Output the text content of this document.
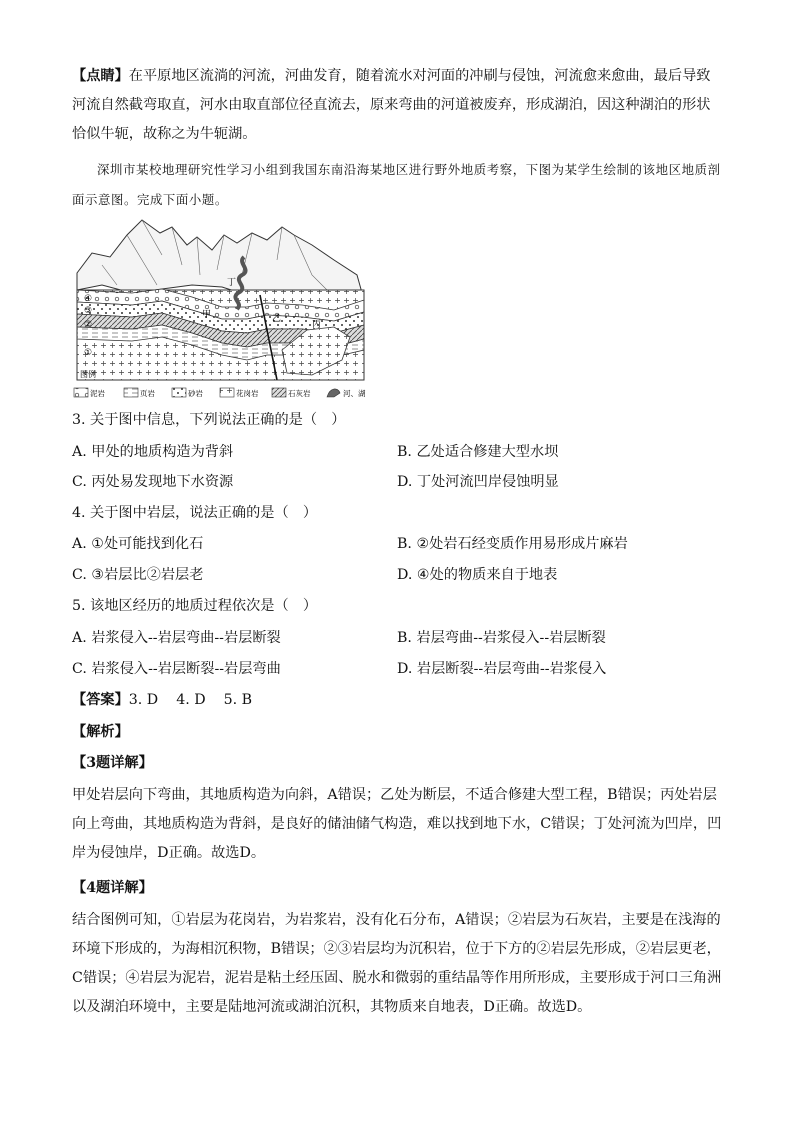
【点睛】在平原地区流淌的河流，河曲发育，随着流水对河面的冲刷与侵蚀，河流愈来愈曲，最后导致河流自然截弯取直，河水由取直部位径直流去，原来弯曲的河道被废弃，形成湖泊，因这种湖泊的形状恰似牛轭，故称之为牛轭湖。

深圳市某校地理研究性学习小组到我国东南沿海某地区进行野外地质考察，下图为某学生绘制的该地区地质剖面示意图。完成下面小题。

丁
甲	乙
丙
④
③
②
①
图例
泥岩	页岩	砂岩	花岗岩	石灰岩	河、湖
3. 关于图中信息，下列说法正确的是（　）
A. 甲处的地质构造为背斜	B. 乙处适合修建大型水坝
C. 丙处易发现地下水资源	D. 丁处河流凹岸侵蚀明显
4. 关于图中岩层，说法正确的是（　）
A. ①处可能找到化石	B. ②处岩石经变质作用易形成片麻岩
C. ③岩层比②岩层老	D. ④处的物质来自于地表
5. 该地区经历的地质过程依次是（　）
A. 岩浆侵入--岩层弯曲--岩层断裂	B. 岩层弯曲--岩浆侵入--岩层断裂
C. 岩浆侵入--岩层断裂--岩层弯曲	D. 岩层断裂--岩层弯曲--岩浆侵入
【答案】3. D 4. D 5. B
【解析】
【3题详解】

甲处岩层向下弯曲，其地质构造为向斜，A错误；乙处为断层，不适合修建大型工程，B错误；丙处岩层向上弯曲，其地质构造为背斜，是良好的储油储气构造，难以找到地下水，C错误；丁处河流为凹岸，凹岸为侵蚀岸，D正确。故选D。

【4题详解】

结合图例可知，①岩层为花岗岩，为岩浆岩，没有化石分布，A错误；②岩层为石灰岩，主要是在浅海的环境下形成的，为海相沉积物，B错误；②③岩层均为沉积岩，位于下方的②岩层先形成，②岩层更老，C错误；④岩层为泥岩，泥岩是粘土经压固、脱水和微弱的重结晶等作用所形成，主要形成于河口三角洲以及湖泊环境中，主要是陆地河流或湖泊沉积，其物质来自地表，D正确。故选D。
